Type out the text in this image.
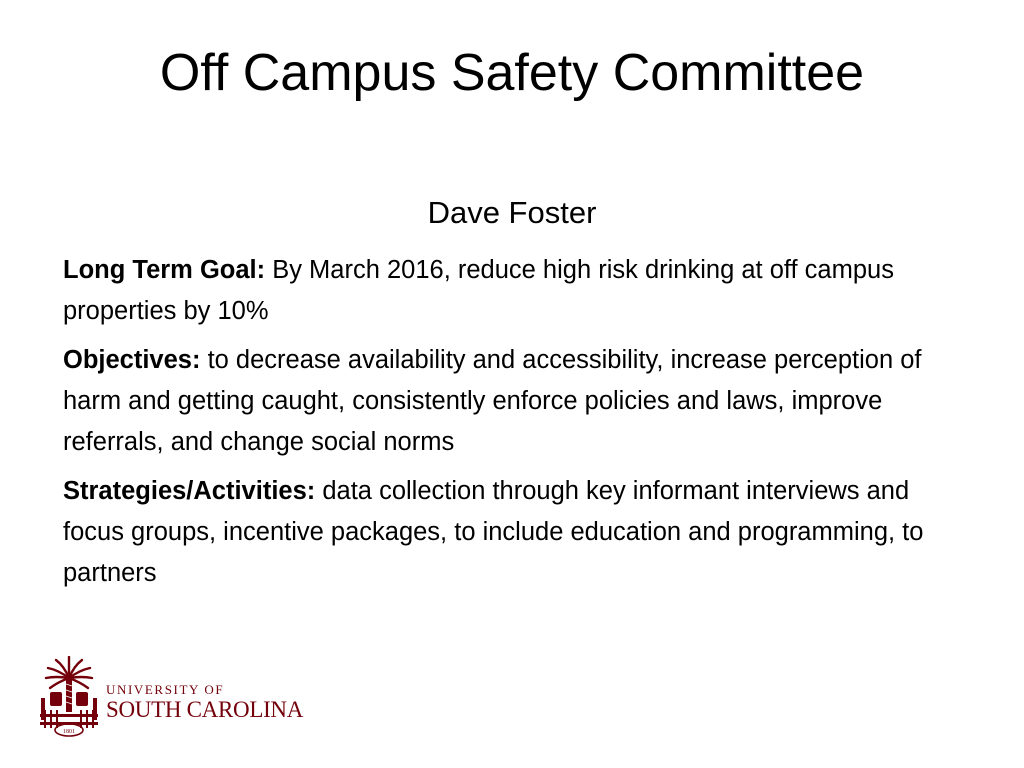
Off Campus Safety Committee
Dave Foster

Long Term Goal: By March 2016, reduce high risk drinking at off campus properties by 10%

Objectives: to decrease availability and accessibility, increase perception of harm and getting caught, consistently enforce policies and laws, improve referrals, and change social norms

Strategies/Activities: data collection through key informant interviews and focus groups, incentive packages, to include education and programming, to partners

1801
UNIVERSITY OF
SOUTH CAROLINA
